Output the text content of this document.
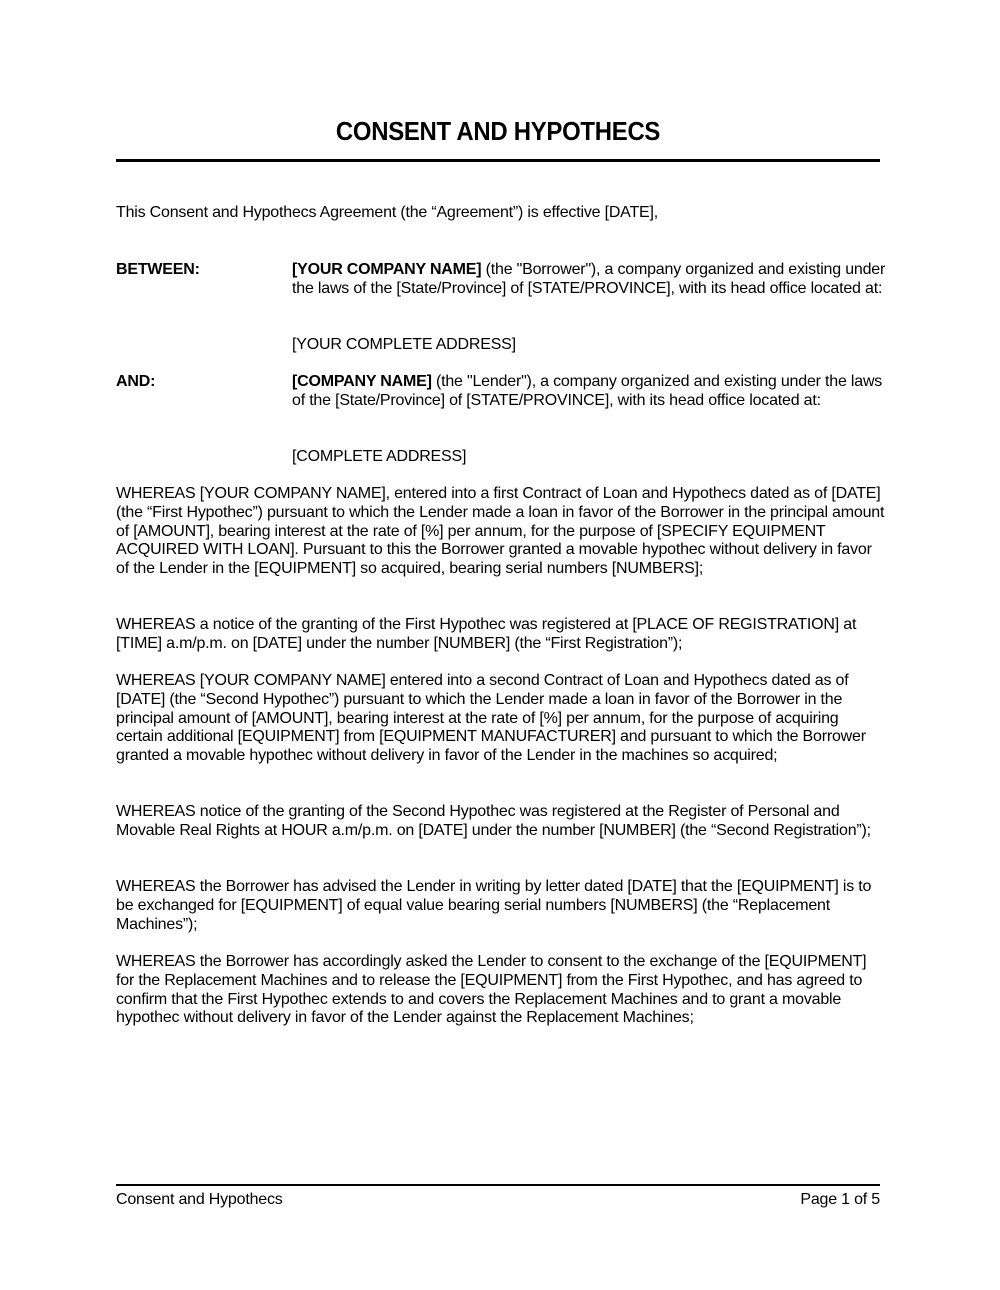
CONSENT AND HYPOTHECS
This Consent and Hypothecs Agreement (the “Agreement”) is effective [DATE],
BETWEEN:	[YOUR COMPANY NAME] (the "Borrower"), a company organized and existing under the laws of the [State/Province] of [STATE/PROVINCE], with its head office located at:
[YOUR COMPLETE ADDRESS]
AND:	[COMPANY NAME] (the "Lender"), a company organized and existing under the laws of the [State/Province] of [STATE/PROVINCE], with its head office located at:
[COMPLETE ADDRESS]
WHEREAS [YOUR COMPANY NAME], entered into a first Contract of Loan and Hypothecs dated as of [DATE] (the “First Hypothec”) pursuant to which the Lender made a loan in favor of the Borrower in the principal amount of [AMOUNT], bearing interest at the rate of [%] per annum, for the purpose of [SPECIFY EQUIPMENT ACQUIRED WITH LOAN]. Pursuant to this the Borrower granted a movable hypothec without delivery in favor of the Lender in the [EQUIPMENT] so acquired, bearing serial numbers [NUMBERS];
WHEREAS a notice of the granting of the First Hypothec was registered at [PLACE OF REGISTRATION] at [TIME] a.m/p.m. on [DATE] under the number [NUMBER] (the “First Registration”);
WHEREAS [YOUR COMPANY NAME] entered into a second Contract of Loan and Hypothecs dated as of [DATE] (the “Second Hypothec”) pursuant to which the Lender made a loan in favor of the Borrower in the principal amount of [AMOUNT], bearing interest at the rate of [%] per annum, for the purpose of acquiring certain additional [EQUIPMENT] from [EQUIPMENT MANUFACTURER] and pursuant to which the Borrower granted a movable hypothec without delivery in favor of the Lender in the machines so acquired;
WHEREAS notice of the granting of the Second Hypothec was registered at the Register of Personal and Movable Real Rights at HOUR a.m/p.m. on [DATE] under the number [NUMBER] (the “Second Registration”);
WHEREAS the Borrower has advised the Lender in writing by letter dated [DATE] that the [EQUIPMENT] is to be exchanged for [EQUIPMENT] of equal value bearing serial numbers [NUMBERS] (the “Replacement Machines”);
WHEREAS the Borrower has accordingly asked the Lender to consent to the exchange of the [EQUIPMENT] for the Replacement Machines and to release the [EQUIPMENT] from the First Hypothec, and has agreed to confirm that the First Hypothec extends to and covers the Replacement Machines and to grant a movable hypothec without delivery in favor of the Lender against the Replacement Machines;
Consent and Hypothecs	Page 1 of 5
